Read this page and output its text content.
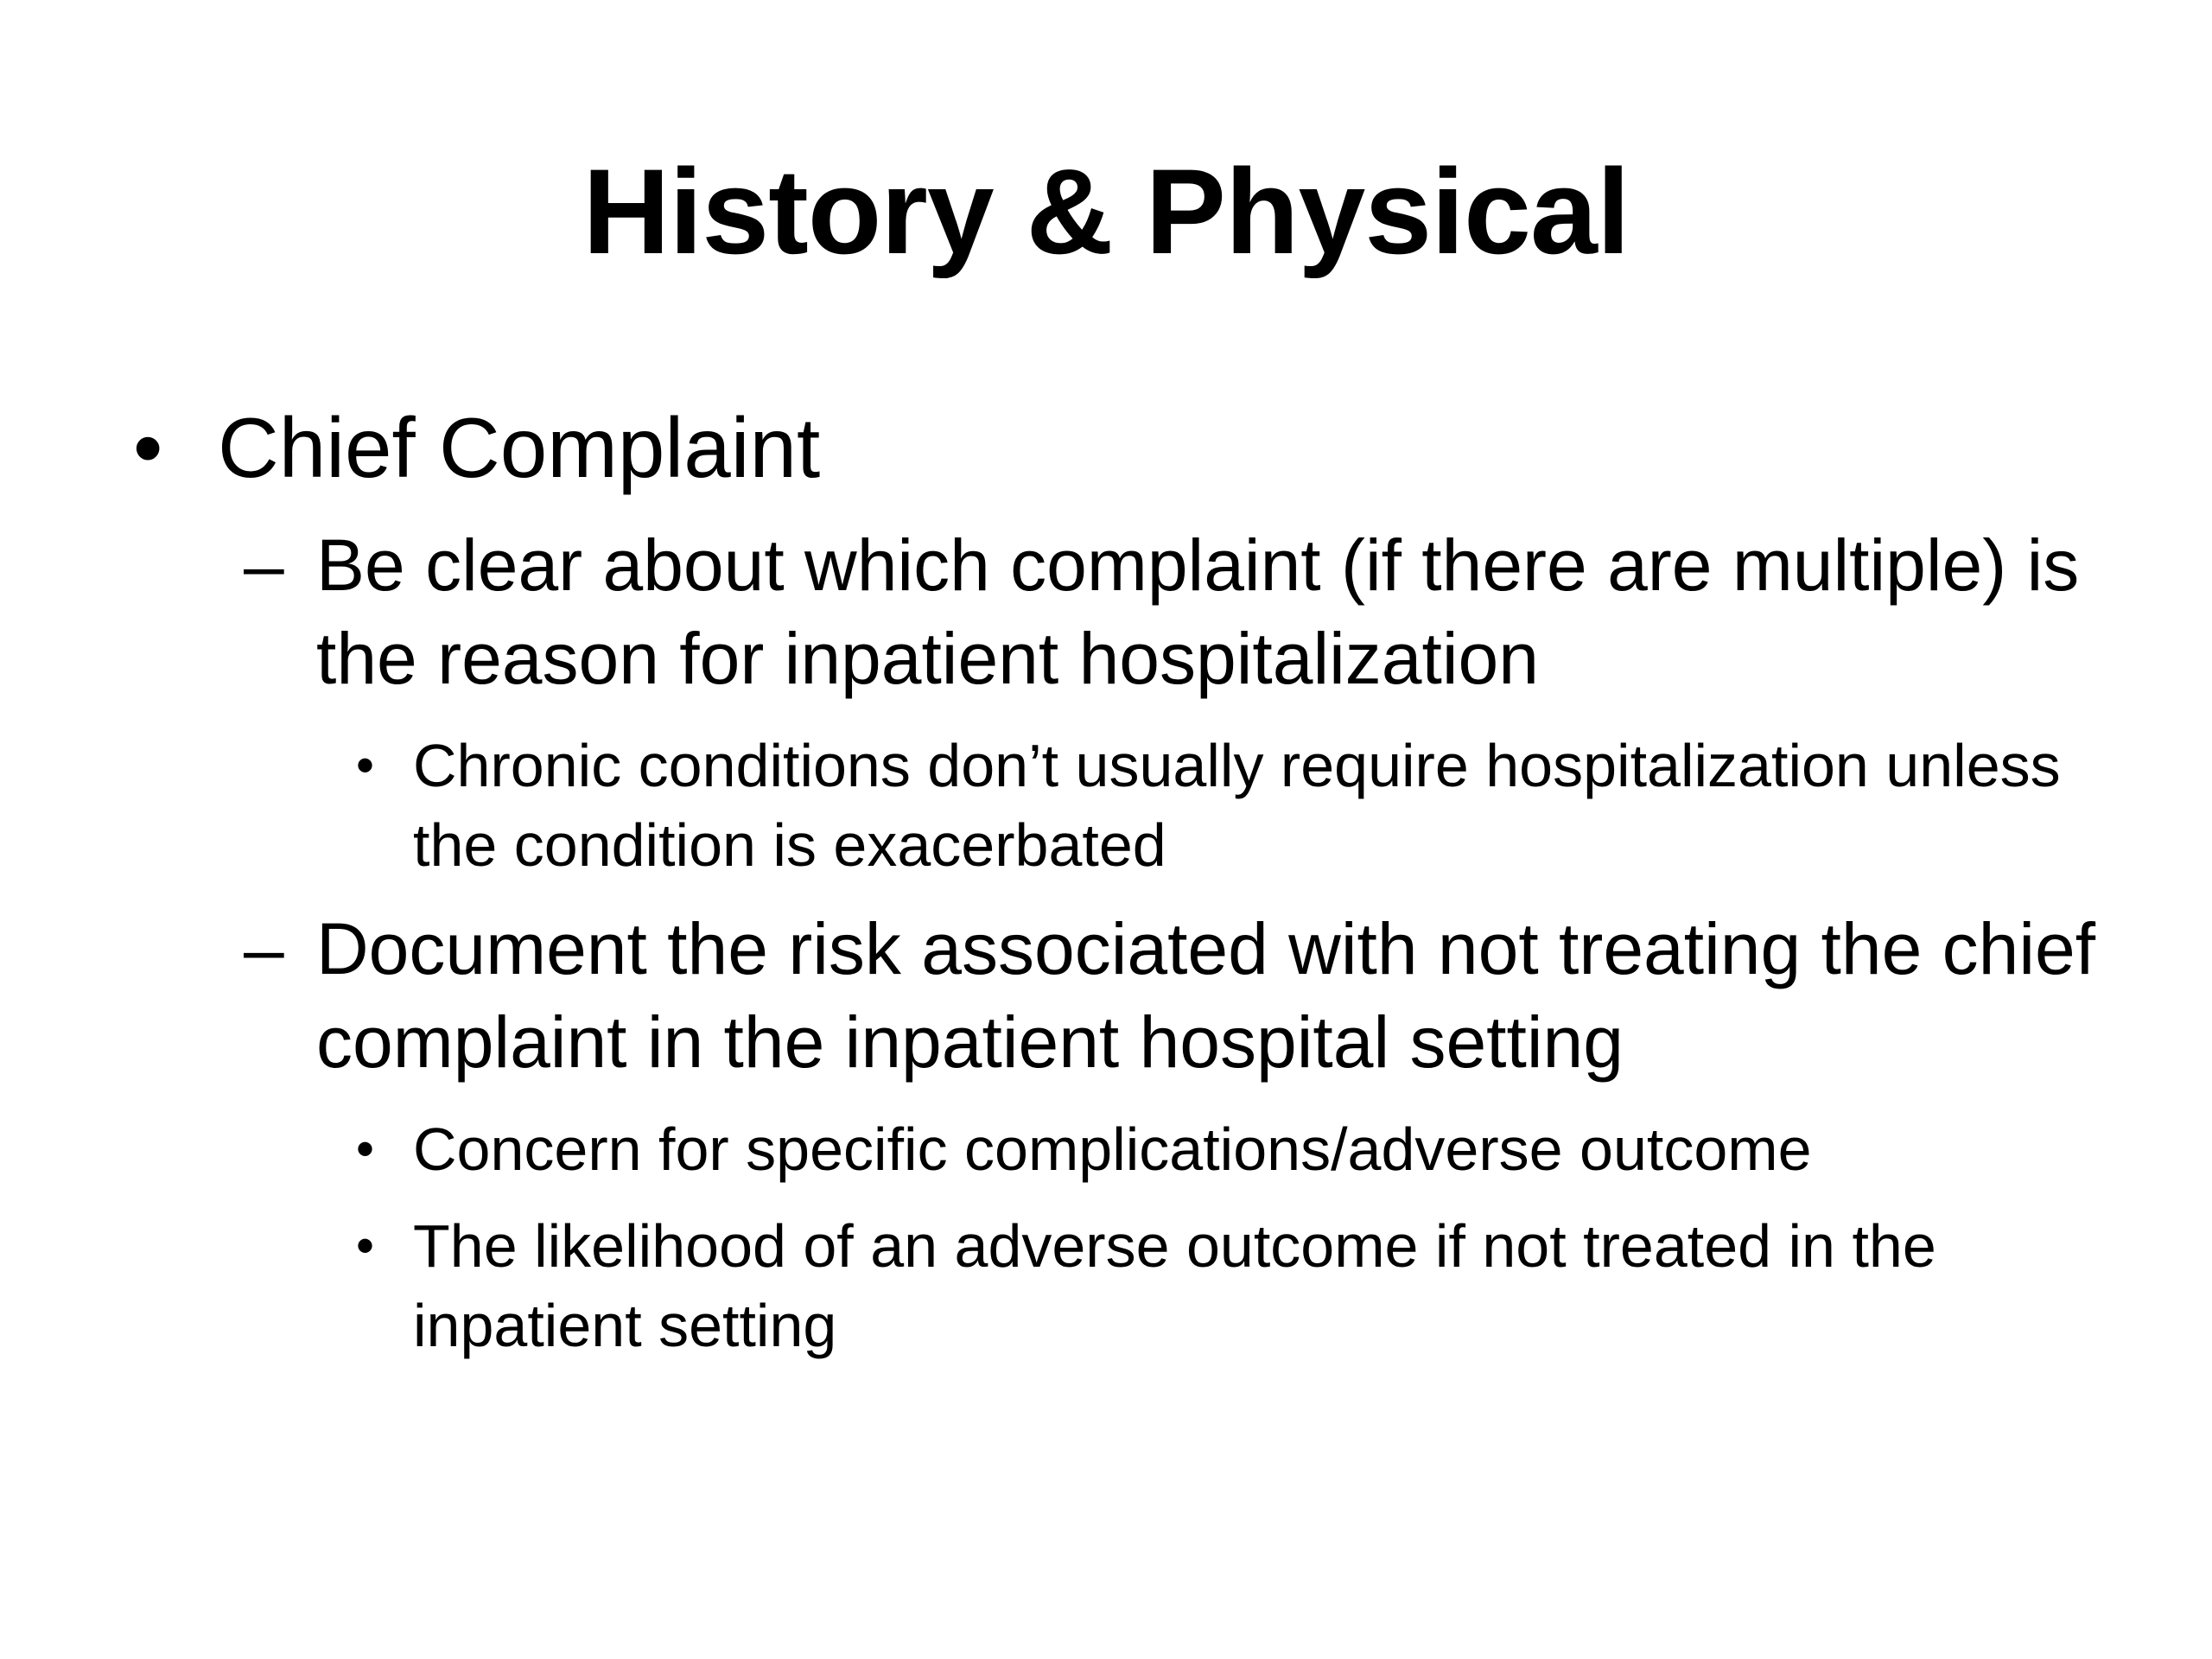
History & Physical
• Chief Complaint
– Be clear about which complaint (if there are multiple) is the reason for inpatient hospitalization
• Chronic conditions don’t usually require hospitalization unless the condition is exacerbated
– Document the risk associated with not treating the chief complaint in the inpatient hospital setting
• Concern for specific complications/adverse outcome
• The likelihood of an adverse outcome if not treated in the inpatient setting
